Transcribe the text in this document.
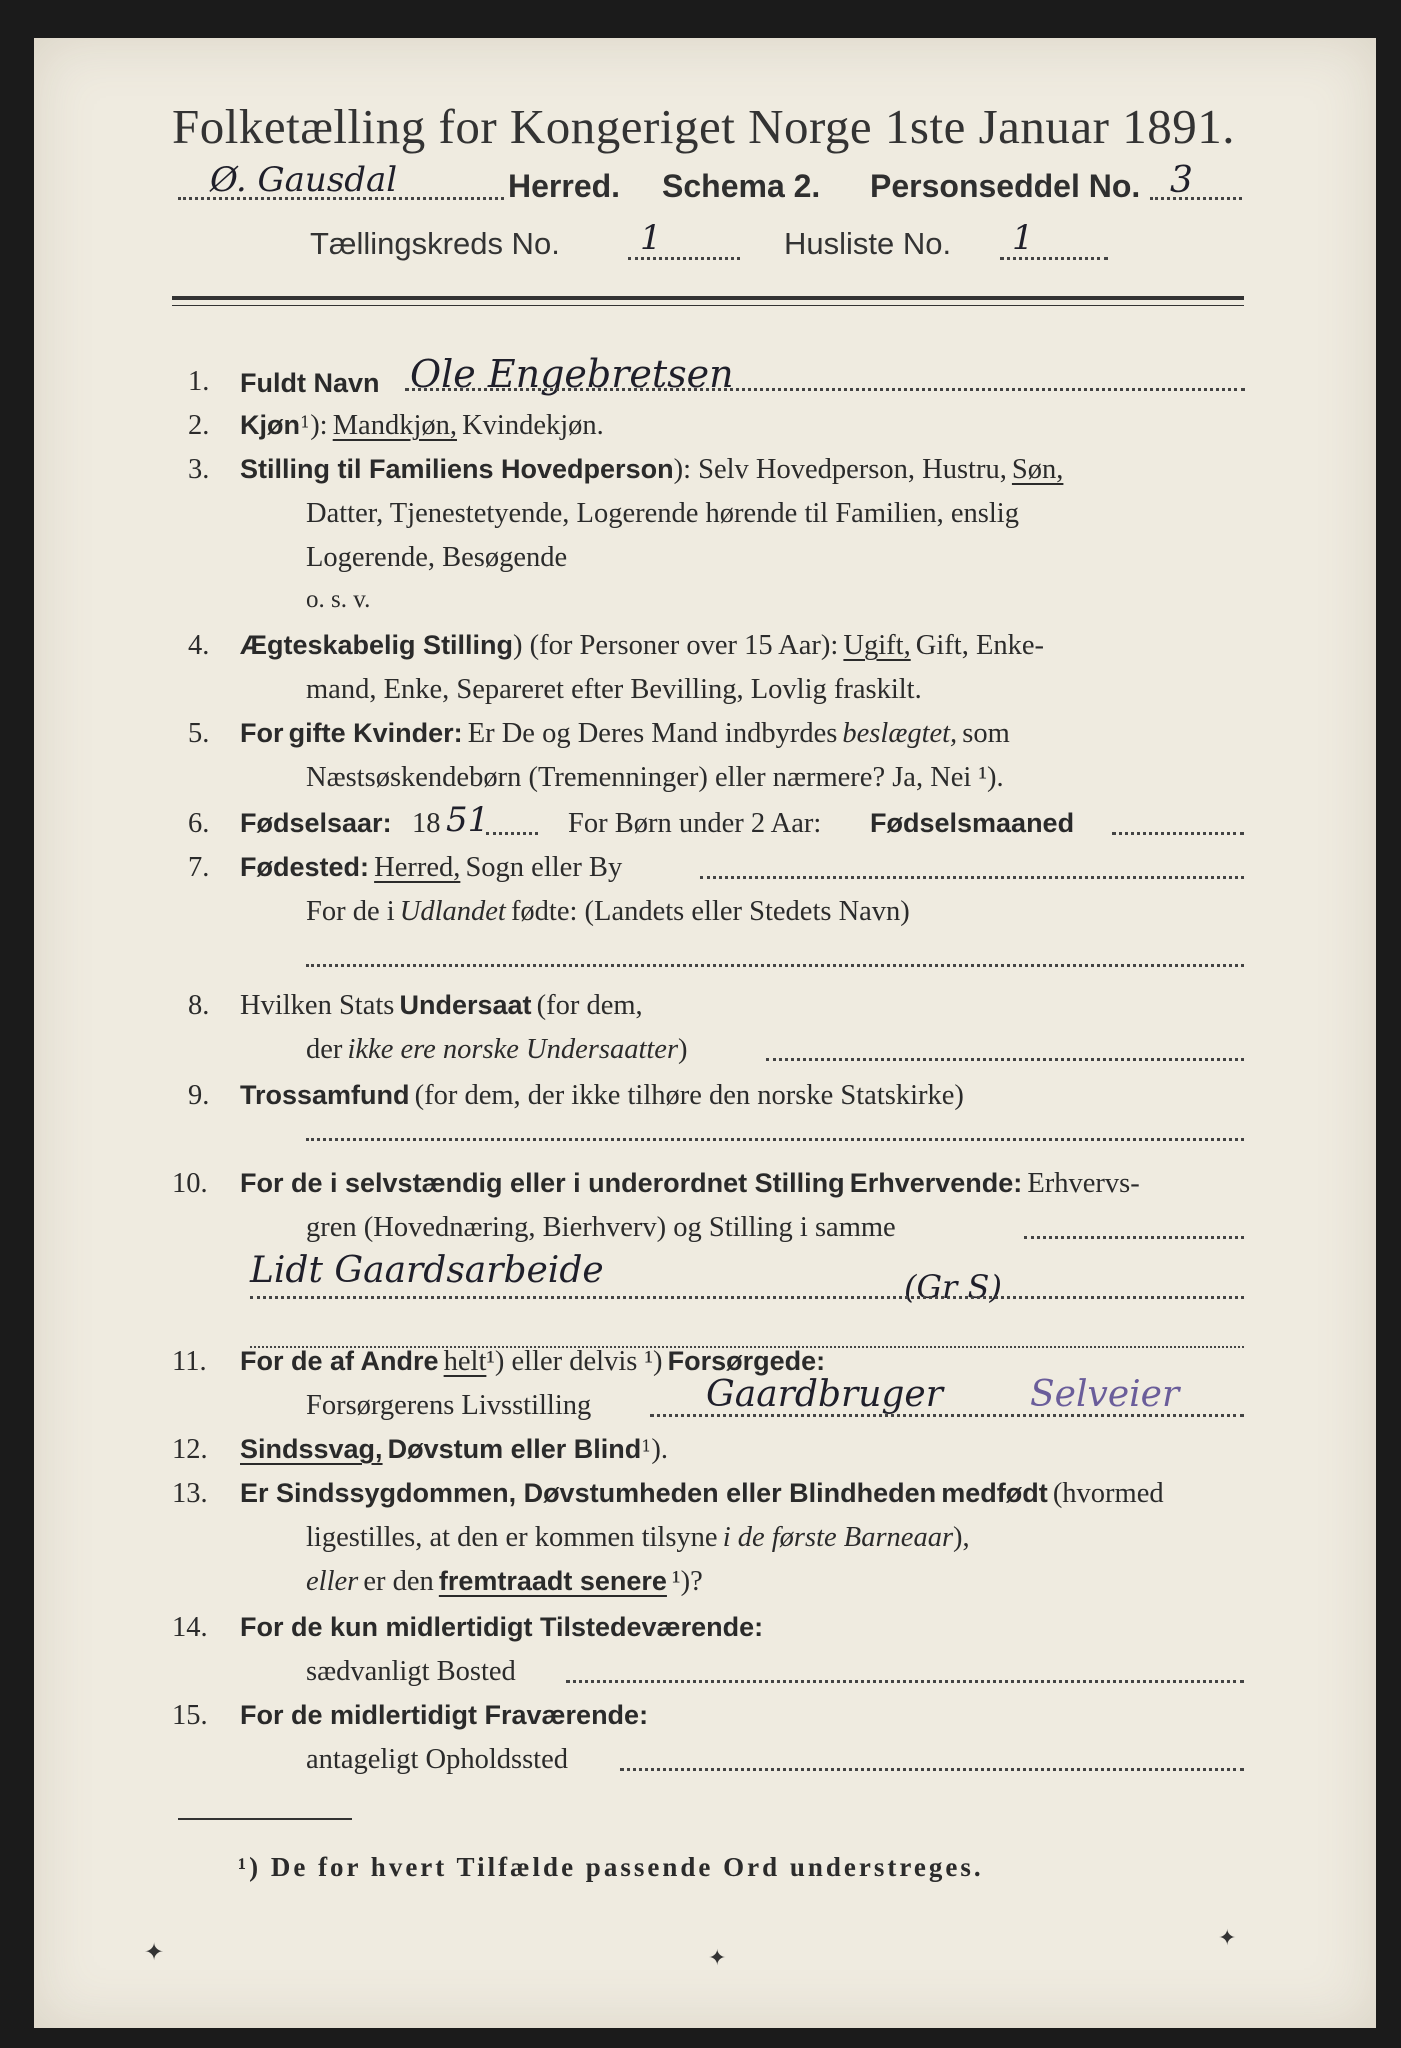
Folketælling for Kongeriget Norge 1ste Januar 1891.
Ø. Gausdal	Herred. Schema 2. Personseddel No. 3
Tællingskreds No. 1	Husliste No. 1
1. Fuldt Navn Ole Engebretsen
2. Kjøn$^1$): Mandkjøn, Kvindekjøn.
3. Stilling til Familiens Hovedperson): Selv Hovedperson, Hustru, Søn,
Datter, Tjenestetyende, Logerende hørende til Familien, enslig
Logerende, Besøgende
o. s. v.
4. Ægteskabelig Stilling) (for Personer over 15 Aar): Ugift, Gift, Enke-
mand, Enke, Separeret efter Bevilling, Lovlig fraskilt.
5. For gifte Kvinder: Er De og Deres Mand indbyrdes beslægtet, som
Næstsøskendebørn (Tremenninger) eller nærmere? Ja, Nei ¹).
6. Fødselsaar: 18 51	For Børn under 2 Aar: Fødselsmaaned
7. Fødested: Herred, Sogn eller By
For de i Udlandet fødte: (Landets eller Stedets Navn)
8. Hvilken Stats Undersaat (for dem,
der ikke ere norske Undersaatter)
9. Trossamfund (for dem, der ikke tilhøre den norske Statskirke)
10. For de i selvstændig eller i underordnet Stilling Erhvervende: Erhvervs-
gren (Hovednæring, Bierhverv) og Stilling i samme
Lidt Gaardsarbeide	(Gr S)
11. For de af Andre helt¹) eller delvis ¹) Forsørgede:
Forsørgerens Livsstilling	Gaardbruger Selveier
12. Sindssvag, Døvstum eller Blind$^1$).
13. Er Sindssygdommen, Døvstumheden eller Blindheden medfødt (hvormed
ligestilles, at den er kommen tilsyne i de første Barneaar),
eller er den fremtraadt senere ¹)?
14. For de kun midlertidigt Tilstedeværende:
sædvanligt Bosted
15. For de midlertidigt Fraværende:
antageligt Opholdssted
¹) De for hvert Tilfælde passende Ord understreges.
✦	✦
✦
